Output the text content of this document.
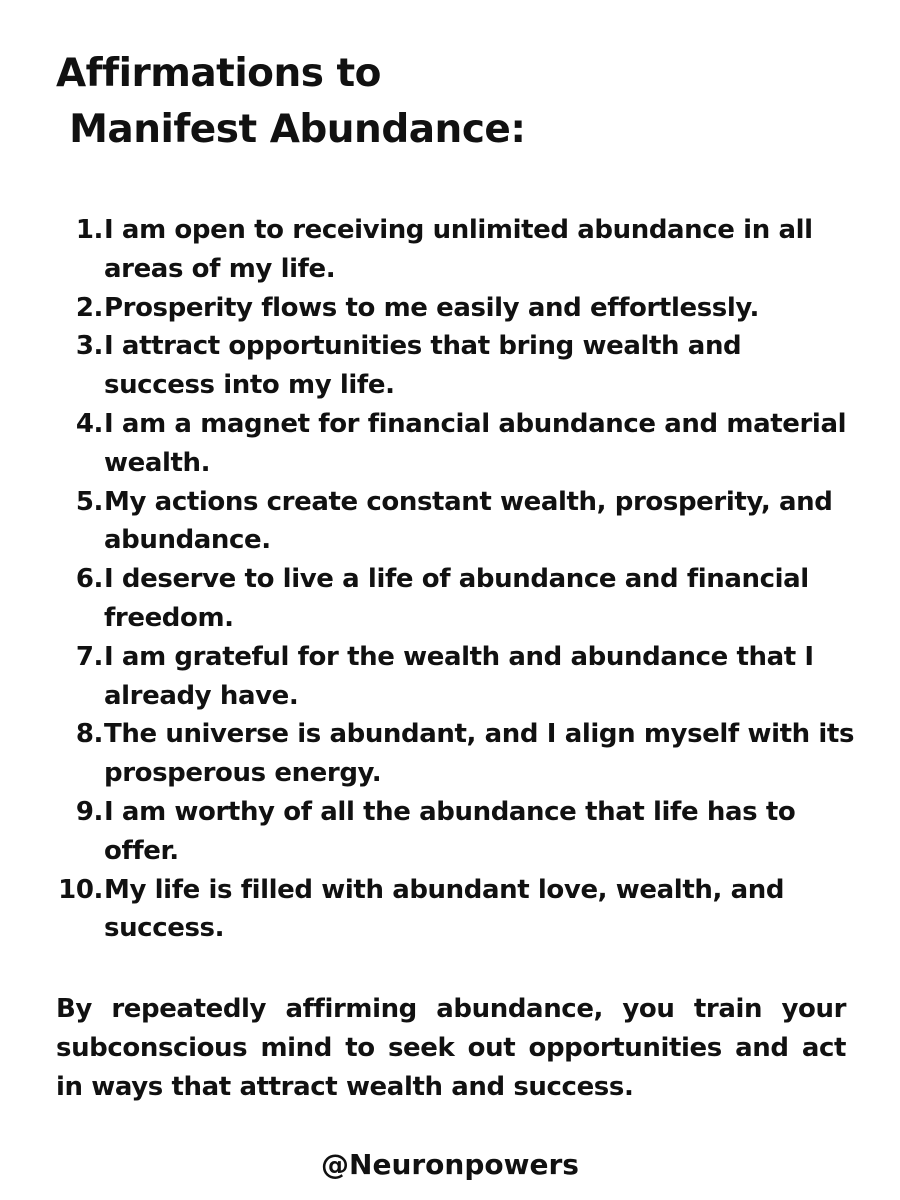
Affirmations to
Manifest Abundance:
1. I am open to receiving unlimited abundance in all areas of my life.
2. Prosperity flows to me easily and effortlessly.
3. I attract opportunities that bring wealth and success into my life.
4. I am a magnet for financial abundance and material wealth.
5. My actions create constant wealth, prosperity, and abundance.
6. I deserve to live a life of abundance and financial freedom.
7. I am grateful for the wealth and abundance that I already have.
8. The universe is abundant, and I align myself with its prosperous energy.
9. I am worthy of all the abundance that life has to offer.
10. My life is filled with abundant love, wealth, and success.

By repeatedly affirming abundance, you train your subconscious mind to seek out opportunities and act in ways that attract wealth and success.

@Neuronpowers
